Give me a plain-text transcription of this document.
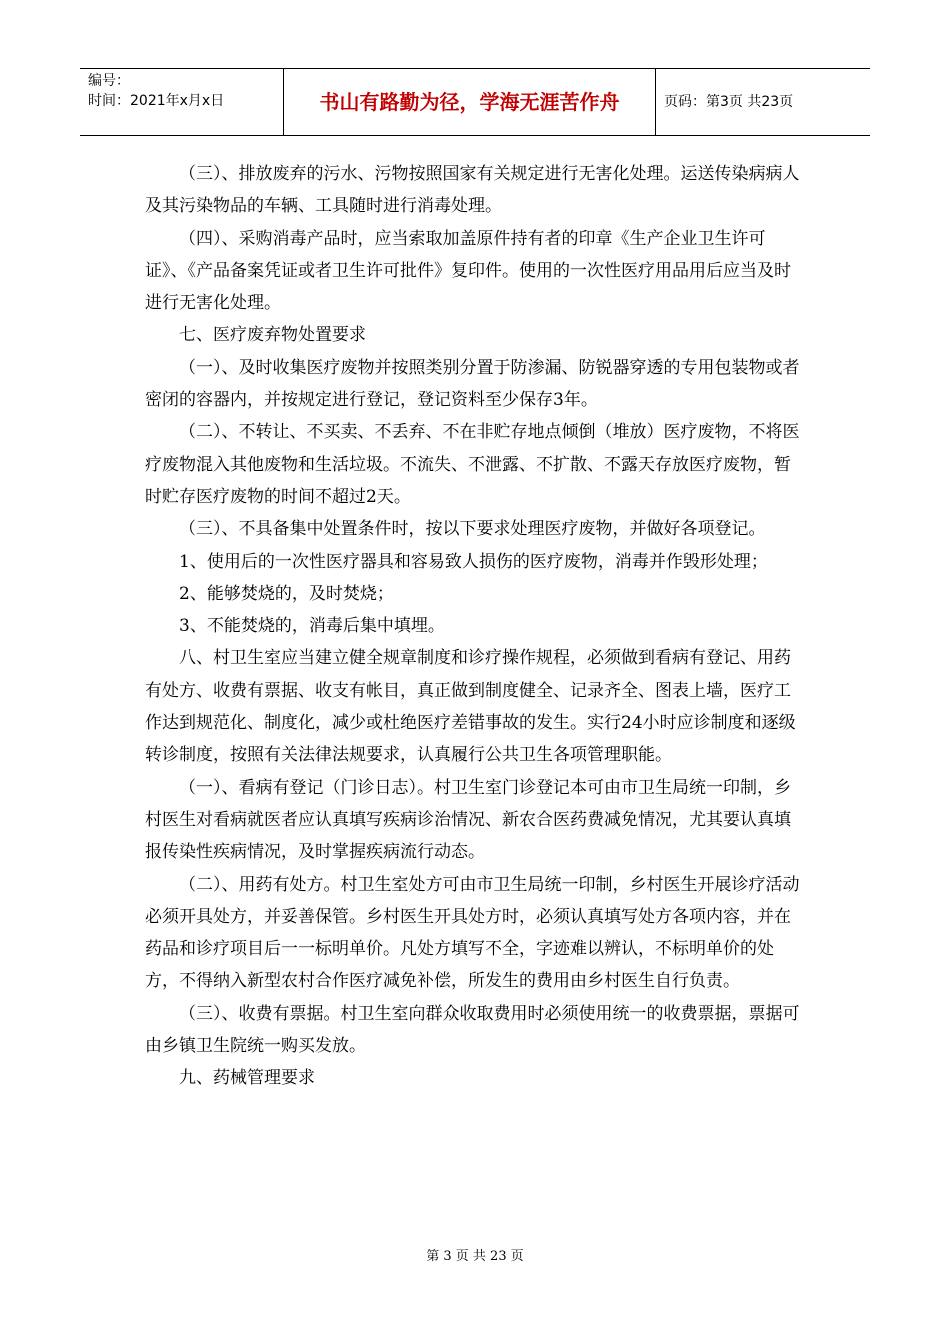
编号：
时间：2021年x月x日	书山有路勤为径，学海无涯苦作舟	页码：第3页 共23页

（三）、排放废弃的污水、污物按照国家有关规定进行无害化处理。运送传染病病人及其污染物品的车辆、工具随时进行消毒处理。

（四）、采购消毒产品时，应当索取加盖原件持有者的印章《生产企业卫生许可证》、《产品备案凭证或者卫生许可批件》复印件。使用的一次性医疗用品用后应当及时进行无害化处理。

七、医疗废弃物处置要求

（一）、及时收集医疗废物并按照类别分置于防渗漏、防锐器穿透的专用包装物或者密闭的容器内，并按规定进行登记，登记资料至少保存3年。

（二）、不转让、不买卖、不丢弃、不在非贮存地点倾倒（堆放）医疗废物，不将医疗废物混入其他废物和生活垃圾。不流失、不泄露、不扩散、不露天存放医疗废物，暂时贮存医疗废物的时间不超过2天。

（三）、不具备集中处置条件时，按以下要求处理医疗废物，并做好各项登记。

1、使用后的一次性医疗器具和容易致人损伤的医疗废物，消毒并作毁形处理；

2、能够焚烧的，及时焚烧；

3、不能焚烧的，消毒后集中填埋。

八、村卫生室应当建立健全规章制度和诊疗操作规程，必须做到看病有登记、用药有处方、收费有票据、收支有帐目，真正做到制度健全、记录齐全、图表上墙，医疗工作达到规范化、制度化，减少或杜绝医疗差错事故的发生。实行24小时应诊制度和逐级转诊制度，按照有关法律法规要求，认真履行公共卫生各项管理职能。

（一）、看病有登记（门诊日志）。村卫生室门诊登记本可由市卫生局统一印制，乡村医生对看病就医者应认真填写疾病诊治情况、新农合医药费减免情况，尤其要认真填报传染性疾病情况，及时掌握疾病流行动态。

（二）、用药有处方。村卫生室处方可由市卫生局统一印制，乡村医生开展诊疗活动必须开具处方，并妥善保管。乡村医生开具处方时，必须认真填写处方各项内容，并在药品和诊疗项目后一一标明单价。凡处方填写不全，字迹难以辨认，不标明单价的处方，不得纳入新型农村合作医疗减免补偿，所发生的费用由乡村医生自行负责。

（三）、收费有票据。村卫生室向群众收取费用时必须使用统一的收费票据，票据可由乡镇卫生院统一购买发放。

九、药械管理要求

第 3 页 共 23 页
